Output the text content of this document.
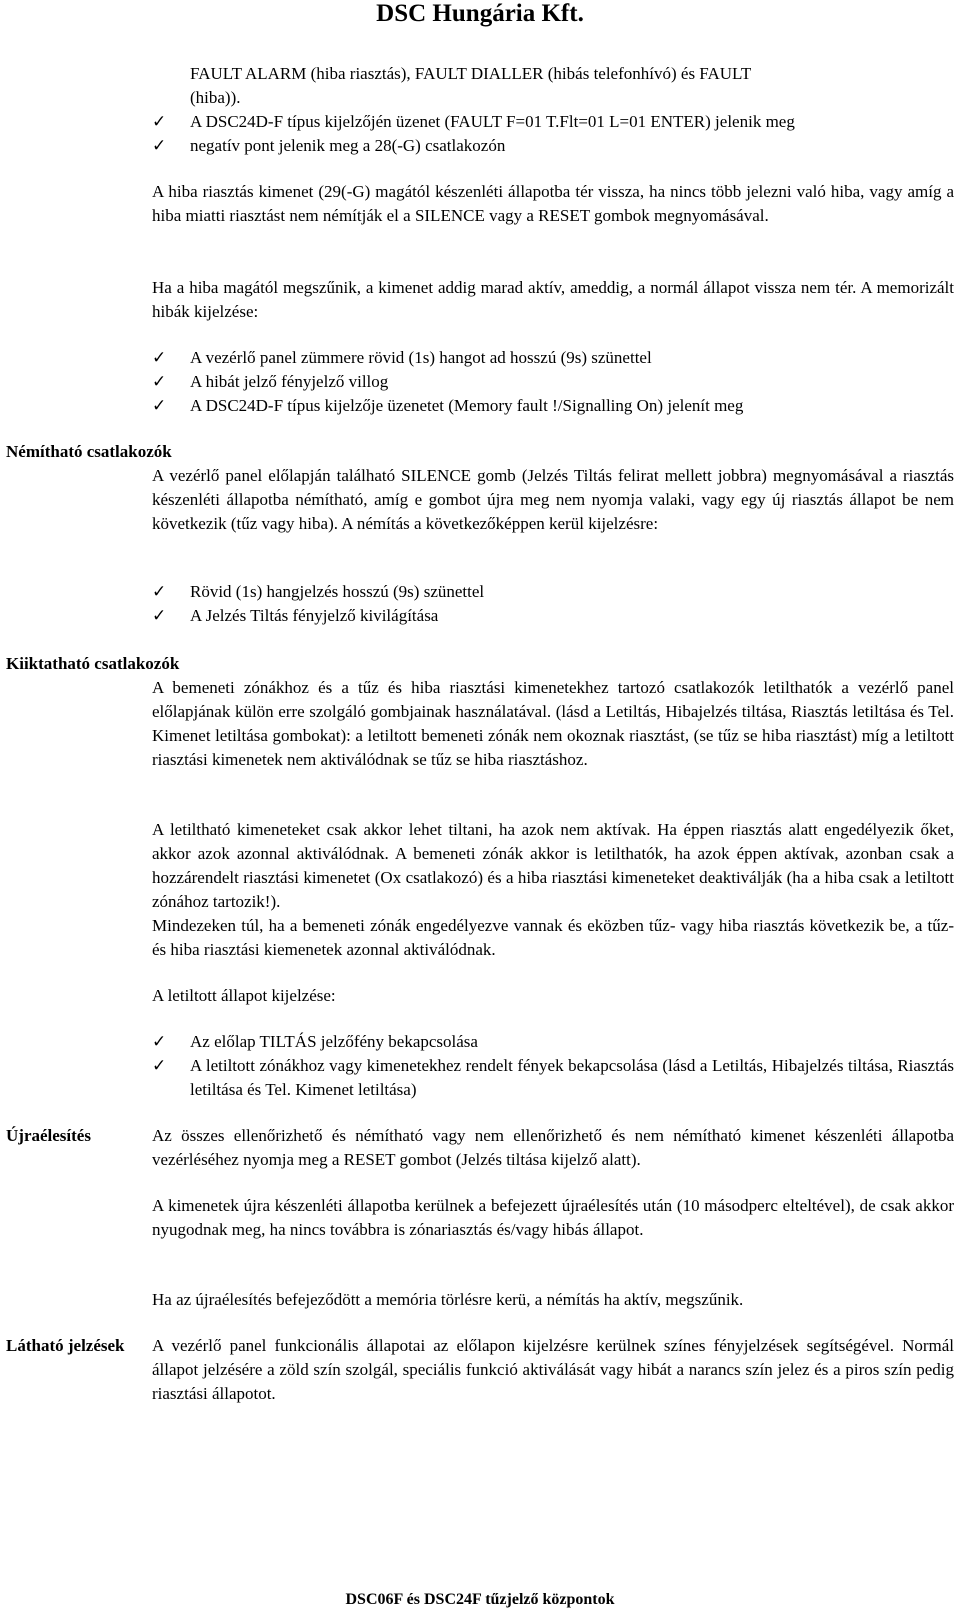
DSC Hungária Kft.
FAULT ALARM (hiba riasztás), FAULT DIALLER (hibás telefonhívó) és FAULT
(hiba)).
✓ A DSC24D-F típus kijelzőjén üzenet (FAULT F=01 T.Flt=01 L=01 ENTER) jelenik meg
✓ negatív pont jelenik meg a 28(-G) csatlakozón
A hiba riasztás kimenet (29(-G) magától készenléti állapotba tér vissza, ha nincs több jelezni való hiba, vagy amíg a hiba miatti riasztást nem némítják el a SILENCE vagy a RESET gombok megnyomásával.
Ha a hiba magától megszűnik, a kimenet addig marad aktív, ameddig, a normál állapot vissza nem tér. A memorizált hibák kijelzése:
✓ A vezérlő panel zümmere rövid (1s) hangot ad hosszú (9s) szünettel
✓ A hibát jelző fényjelző villog
✓ A DSC24D-F típus kijelzője üzenetet (Memory fault !/Signalling On) jelenít meg
Némítható csatlakozók
A vezérlő panel előlapján található SILENCE gomb (Jelzés Tiltás felirat mellett jobbra) megnyomásával a riasztás készenléti állapotba némítható, amíg e gombot újra meg nem nyomja valaki, vagy egy új riasztás állapot be nem következik (tűz vagy hiba). A némítás a következőképpen kerül kijelzésre:
✓ Rövid (1s) hangjelzés hosszú (9s) szünettel
✓ A Jelzés Tiltás fényjelző kivilágítása
Kiiktatható csatlakozók
A bemeneti zónákhoz és a tűz és hiba riasztási kimenetekhez tartozó csatlakozók letilthatók a vezérlő panel előlapjának külön erre szolgáló gombjainak használatával. (lásd a Letiltás, Hibajelzés tiltása, Riasztás letiltása és Tel. Kimenet letiltása gombokat): a letiltott bemeneti zónák nem okoznak riasztást, (se tűz se hiba riasztást) míg a letiltott riasztási kimenetek nem aktiválódnak se tűz se hiba riasztáshoz.
A letiltható kimeneteket csak akkor lehet tiltani, ha azok nem aktívak. Ha éppen riasztás alatt engedélyezik őket, akkor azok azonnal aktiválódnak. A bemeneti zónák akkor is letilthatók, ha azok éppen aktívak, azonban csak a hozzárendelt riasztási kimenetet (Ox csatlakozó) és a hiba riasztási kimeneteket deaktiválják (ha a hiba csak a letiltott zónához tartozik!).
Mindezeken túl, ha a bemeneti zónák engedélyezve vannak és eközben tűz- vagy hiba riasztás következik be, a tűz- és hiba riasztási kiemenetek azonnal aktiválódnak.
A letiltott állapot kijelzése:
✓ Az előlap TILTÁS jelzőfény bekapcsolása
✓ A letiltott zónákhoz vagy kimenetekhez rendelt fények bekapcsolása (lásd a Letiltás, Hibajelzés tiltása, Riasztás letiltása és Tel. Kimenet letiltása)
Újraélesítés	Az összes ellenőrizhető és némítható vagy nem ellenőrizhető és nem némítható kimenet készenléti állapotba vezérléséhez nyomja meg a RESET gombot (Jelzés tiltása kijelző alatt).
A kimenetek újra készenléti állapotba kerülnek a befejezett újraélesítés után (10 másodperc elteltével), de csak akkor nyugodnak meg, ha nincs továbbra is zónariasztás és/vagy hibás állapot.
Ha az újraélesítés befejeződött a memória törlésre kerü, a némítás ha aktív, megszűnik.
Látható jelzések A vezérlő panel funkcionális állapotai az előlapon kijelzésre kerülnek színes fényjelzések segítségével. Normál állapot jelzésére a zöld szín szolgál, speciális funkció aktiválását vagy hibát a narancs szín jelez és a piros szín pedig riasztási állapotot.
DSC06F és DSC24F tűzjelző központok
